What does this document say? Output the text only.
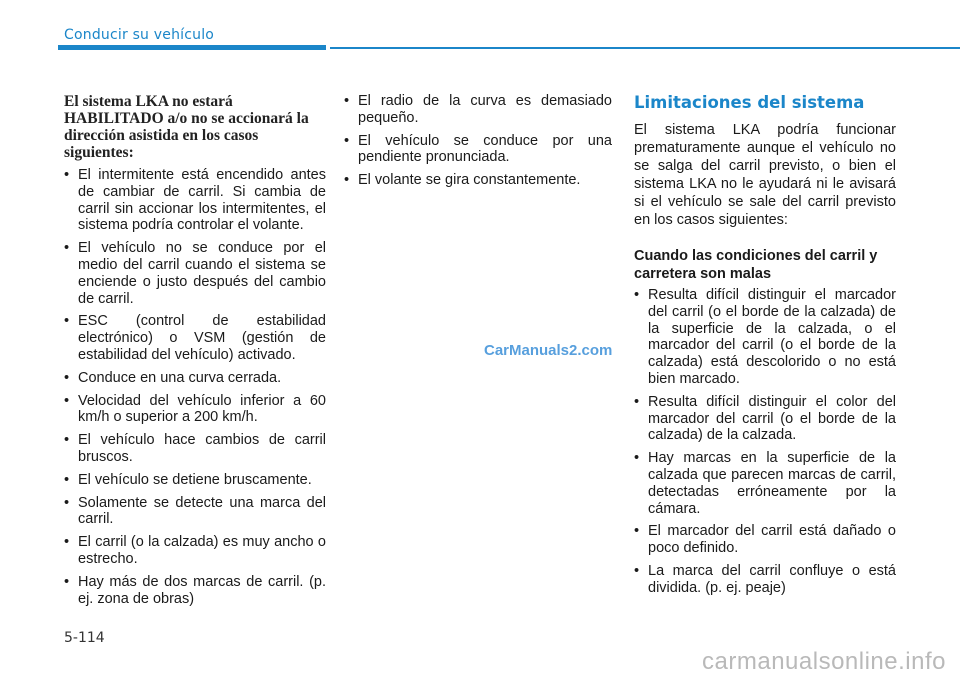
Conducir su vehículo
El sistema LKA no estará HABILITADO a/o no se accionará la dirección asistida en los casos siguientes:
• El intermitente está encendido antes de cambiar de carril. Si cambia de carril sin accionar los intermitentes, el sistema podría controlar el volante.
• El vehículo no se conduce por el medio del carril cuando el sistema se enciende o justo después del cambio de carril.
• ESC (control de estabilidad electrónico) o VSM (gestión de estabilidad del vehículo) activado.
• Conduce en una curva cerrada.
• Velocidad del vehículo inferior a 60 km/h o superior a 200 km/h.
• El vehículo hace cambios de carril bruscos.
• El vehículo se detiene bruscamente.
• Solamente se detecte una marca del carril.
• El carril (o la calzada) es muy ancho o estrecho.
• Hay más de dos marcas de carril. (p. ej. zona de obras)
• El radio de la curva es demasiado pequeño.
• El vehículo se conduce por una pendiente pronunciada.
• El volante se gira constantemente.
Limitaciones del sistema

El sistema LKA podría funcionar prematuramente aunque el vehículo no se salga del carril previsto, o bien el sistema LKA no le ayudará ni le avisará si el vehículo se sale del carril previsto en los casos siguientes:

Cuando las condiciones del carril y carretera son malas
• Resulta difícil distinguir el marcador del carril (o el borde de la calzada) de la superficie de la calzada, o el marcador del carril (o el borde de la calzada) está descolorido o no está bien marcado.
• Resulta difícil distinguir el color del marcador del carril (o el borde de la calzada) de la calzada.
• Hay marcas en la superficie de la calzada que parecen marcas de carril, detectadas erróneamente por la cámara.
• El marcador del carril está dañado o poco definido.
• La marca del carril confluye o está dividida. (p. ej. peaje)
CarManuals2.com
5-114
carmanualsonline.info
